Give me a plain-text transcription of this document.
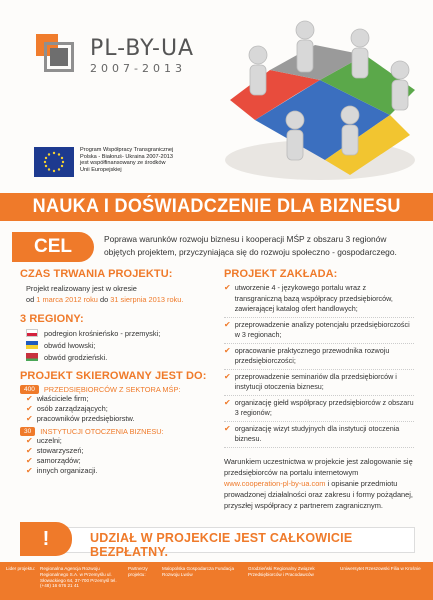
PL-BY-UA
2007-2013
Program Współpracy Transgranicznej
Polska - Białoruś- Ukraina 2007-2013
jest współfinansowany ze środków
Unii Europejskiej
NAUKA I DOŚWIADCZENIE DLA BIZNESU
CEL	Poprawa warunków rozwoju biznesu i kooperacji MŚP z obszaru 3 regionów objętych projektem, przyczyniająca się do rozwoju społeczno - gospodarczego.
CZAS TRWANIA PROJEKTU:
Projekt realizowany jest w okresie
od 1 marca 2012 roku do 31 sierpnia 2013 roku.
3 REGIONY:
podregion krośnieńsko - przemyski;
obwód lwowski;
obwód grodzieński.
PROJEKT SKIEROWANY JEST DO:
400	PRZEDSIĘBIORCÓW Z SEKTORA MŚP:
✔ właściciele firm;
✔ osób zarządzających;
✔ pracowników przedsiębiorstw.
30	INSTYTUCJI OTOCZENIA BIZNESU:
✔ uczelni;
✔ stowarzyszeń;
✔ samorządów;
✔ innych organizacji.
PROJEKT ZAKŁADA:
✔ utworzenie 4 - językowego portalu wraz z transgraniczną bazą współpracy przedsiębiorców, zawierającej katalog ofert handlowych;
✔ przeprowadzenie analizy potencjału przedsiębiorczości w 3 regionach;
✔ opracowanie praktycznego przewodnika rozwoju przedsiębiorczości;
✔ przeprowadzenie seminariów dla przedsiębiorców i instytucji otoczenia biznesu;
✔ organizację giełd współpracy przedsiębiorców z obszaru 3 regionów;
✔ organizację wizyt studyjnych dla instytucji otoczenia biznesu.
Warunkiem uczestnictwa w projekcie jest zalogowanie się przedsiębiorców na portalu internetowym www.cooperation-pl-by-ua.com i opisanie przedmiotu prowadzonej działalności oraz zakresu i formy pożądanej, przyszłej współpracy z partnerem zagranicznym.
!	UDZIAŁ W PROJEKCIE JEST CAŁKOWICIE BEZPŁATNY.
Lider projektu: Regionalna Agencja Rozwoju Regionalnego S.A. w Przemyślu ul. Słowackiego 64, 37-700 Przemyśl tel. (+48) 16 676 21 41
Partnerzy projektu:
Malopolska Gospodarcza Fundacja Rozwoju Lwów
Grodzieński Regionalny Związek Przedsiębiorców i Pracodawców
Uniwersytet Rzeszowski Filia w Krośnie
